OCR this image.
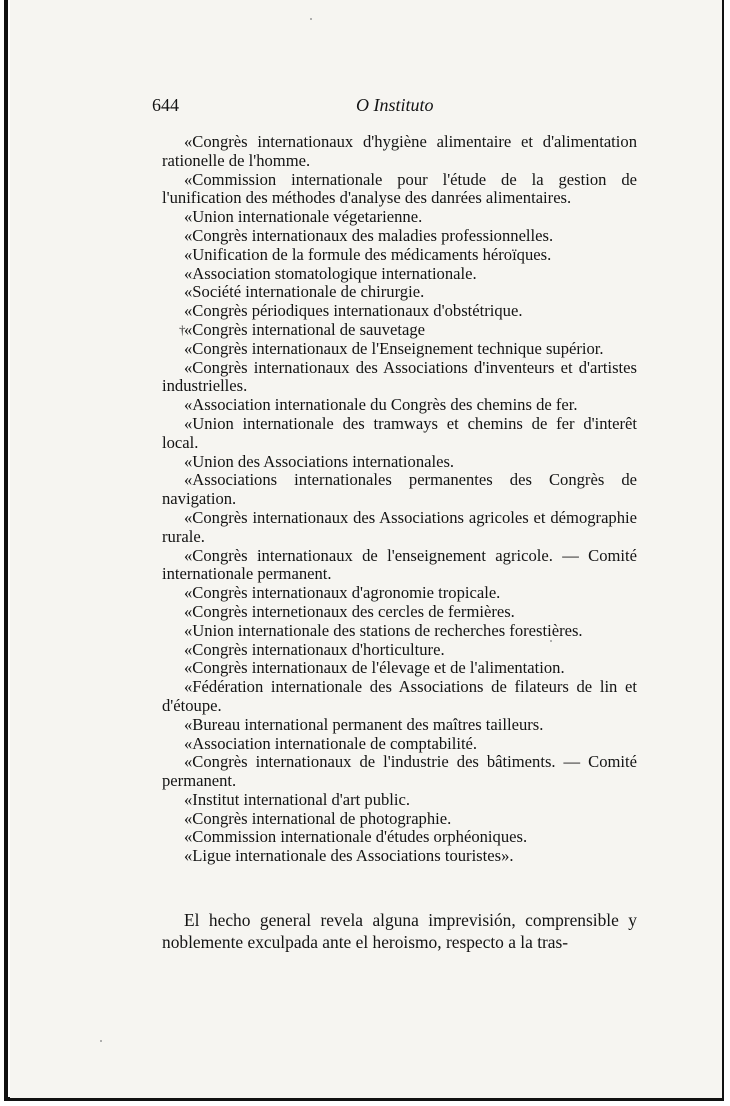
644	O Instituto

«Congrès internationaux d'hygiène alimentaire et d'alimentation rationelle de l'homme.

«Commission internationale pour l'étude de la gestion de l'unification des méthodes d'analyse des danrées alimentaires.

«Union internationale végetarienne.

«Congrès internationaux des maladies professionnelles.

«Unification de la formule des médicaments héroïques.

«Association stomatologique internationale.

«Société internationale de chirurgie.

«Congrès périodiques internationaux d'obstétrique.

† «Congrès international de sauvetage

«Congrès internationaux de l'Enseignement technique supérior.

«Congrès internationaux des Associations d'inventeurs et d'artistes industrielles.

«Association internationale du Congrès des chemins de fer.

«Union internationale des tramways et chemins de fer d'interêt local.

«Union des Associations internationales.

«Associations internationales permanentes des Congrès de navigation.

«Congrès internationaux des Associations agricoles et démographie rurale.

«Congrès internationaux de l'enseignement agricole. — Comité internationale permanent.

«Congrès internationaux d'agronomie tropicale.

«Congrès internetionaux des cercles de fermières.

«Union internationale des stations de recherches forestières.

«Congrès internationaux d'horticulture.

«Congrès internationaux de l'élevage et de l'alimentation.

«Fédération internationale des Associations de filateurs de lin et d'étoupe.

«Bureau international permanent des maîtres tailleurs.

«Association internationale de comptabilité.

«Congrès internationaux de l'industrie des bâtiments. — Comité permanent.

«Institut international d'art public.

«Congrès international de photographie.

«Commission internationale d'études orphéoniques.

«Ligue internationale des Associations touristes».

El hecho general revela alguna imprevisión, comprensible y noblemente exculpada ante el heroismo, respecto a la tras-
